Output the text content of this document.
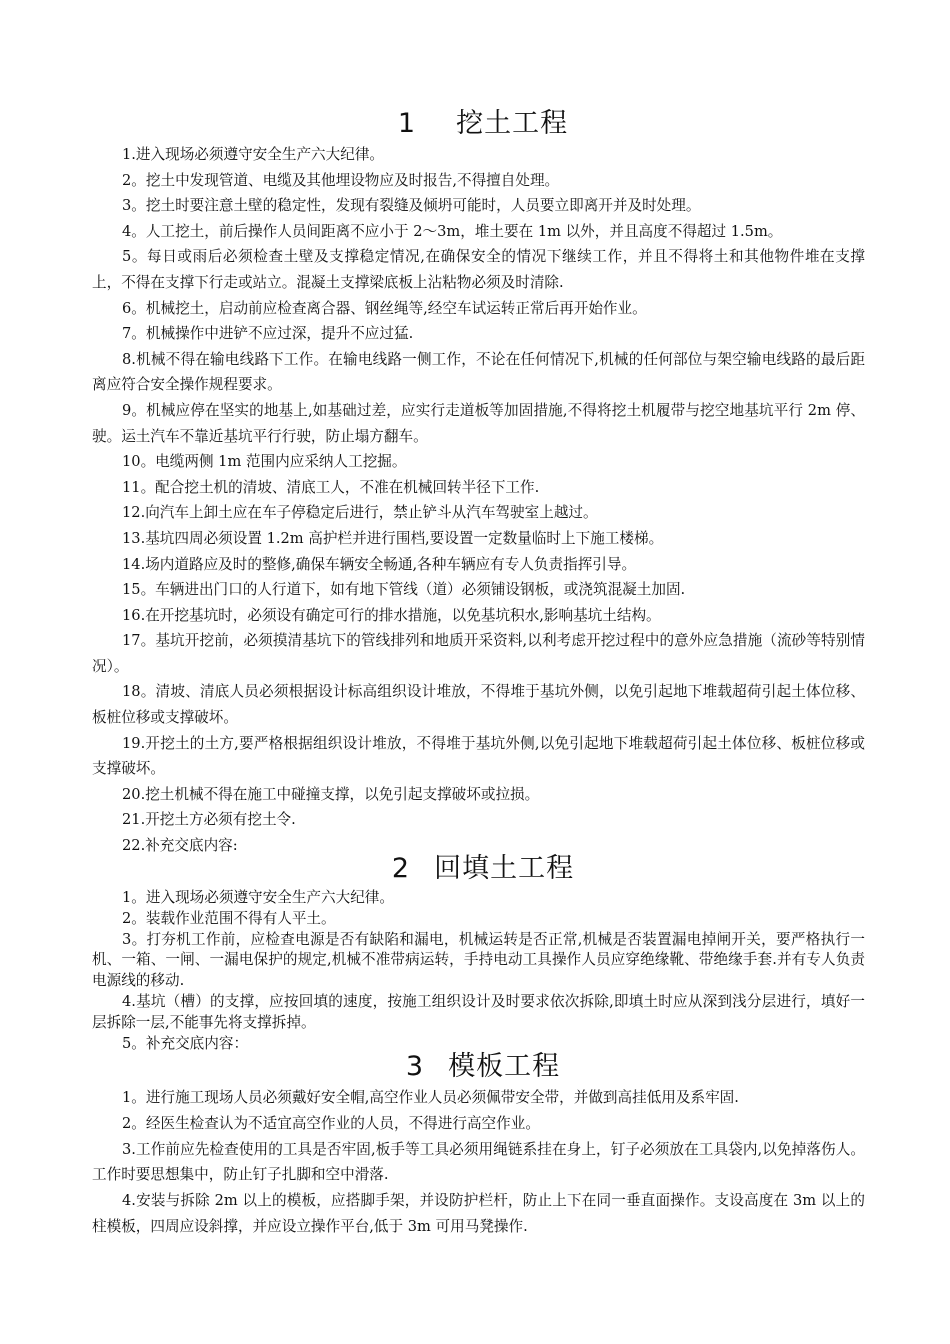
1 挖土工程

1.进入现场必须遵守安全生产六大纪律。

2。挖土中发现管道、电缆及其他埋设物应及时报告,不得擅自处理。

3。挖土时要注意土壁的稳定性，发现有裂缝及倾坍可能时，人员要立即离开并及时处理。

4。人工挖土，前后操作人员间距离不应小于 2～3m，堆土要在 1m 以外，并且高度不得超过 1.5m。

5。每日或雨后必须检查土壁及支撑稳定情况,在确保安全的情况下继续工作，并且不得将土和其他物件堆在支撑上，不得在支撑下行走或站立。混凝土支撑梁底板上沾粘物必须及时清除.

6。机械挖土，启动前应检查离合器、钢丝绳等,经空车试运转正常后再开始作业。

7。机械操作中进铲不应过深，提升不应过猛.

8.机械不得在输电线路下工作。在输电线路一侧工作，不论在任何情况下,机械的任何部位与架空输电线路的最后距离应符合安全操作规程要求。

9。机械应停在坚实的地基上,如基础过差，应实行走道板等加固措施,不得将挖土机履带与挖空地基坑平行 2m 停、驶。运土汽车不靠近基坑平行行驶，防止塌方翻车。

10。电缆两侧 1m 范围内应采纳人工挖掘。

11。配合挖土机的清坡、清底工人，不准在机械回转半径下工作.

12.向汽车上卸土应在车子停稳定后进行，禁止铲斗从汽车驾驶室上越过。

13.基坑四周必须设置 1.2m 高护栏并进行围档,要设置一定数量临时上下施工楼梯。

14.场内道路应及时的整修,确保车辆安全畅通,各种车辆应有专人负责指挥引导。

15。车辆进出门口的人行道下，如有地下管线（道）必须铺设钢板，或浇筑混凝土加固.

16.在开挖基坑时，必须设有确定可行的排水措施，以免基坑积水,影响基坑土结构。

17。基坑开挖前，必须摸清基坑下的管线排列和地质开采资料,以利考虑开挖过程中的意外应急措施（流砂等特别情况）。

18。清坡、清底人员必须根据设计标高组织设计堆放，不得堆于基坑外侧，以免引起地下堆载超荷引起土体位移、板桩位移或支撑破坏。

19.开挖土的土方,要严格根据组织设计堆放，不得堆于基坑外侧,以免引起地下堆载超荷引起土体位移、板桩位移或支撑破坏。

20.挖土机械不得在施工中碰撞支撑，以免引起支撑破坏或拉损。

21.开挖土方必须有挖土令.

22.补充交底内容:

2 回填土工程

1。进入现场必须遵守安全生产六大纪律。

2。装载作业范围不得有人平土。

3。打夯机工作前，应检查电源是否有缺陷和漏电，机械运转是否正常,机械是否装置漏电掉闸开关，要严格执行一机、一箱、一闸、一漏电保护的规定,机械不准带病运转，手持电动工具操作人员应穿绝缘靴、带绝缘手套.并有专人负责电源线的移动.

4.基坑（槽）的支撑，应按回填的速度，按施工组织设计及时要求依次拆除,即填土时应从深到浅分层进行，填好一层拆除一层,不能事先将支撑拆掉。

5。补充交底内容：

3 模板工程

1。进行施工现场人员必须戴好安全帽,高空作业人员必须佩带安全带，并做到高挂低用及系牢固.

2。经医生检查认为不适宜高空作业的人员，不得进行高空作业。

3.工作前应先检查使用的工具是否牢固,板手等工具必须用绳链系挂在身上，钉子必须放在工具袋内,以免掉落伤人。工作时要思想集中，防止钉子扎脚和空中滑落.

4.安装与拆除 2m 以上的模板，应搭脚手架，并设防护栏杆，防止上下在同一垂直面操作。支设高度在 3m 以上的柱模板，四周应设斜撑，并应设立操作平台,低于 3m 可用马凳操作.
